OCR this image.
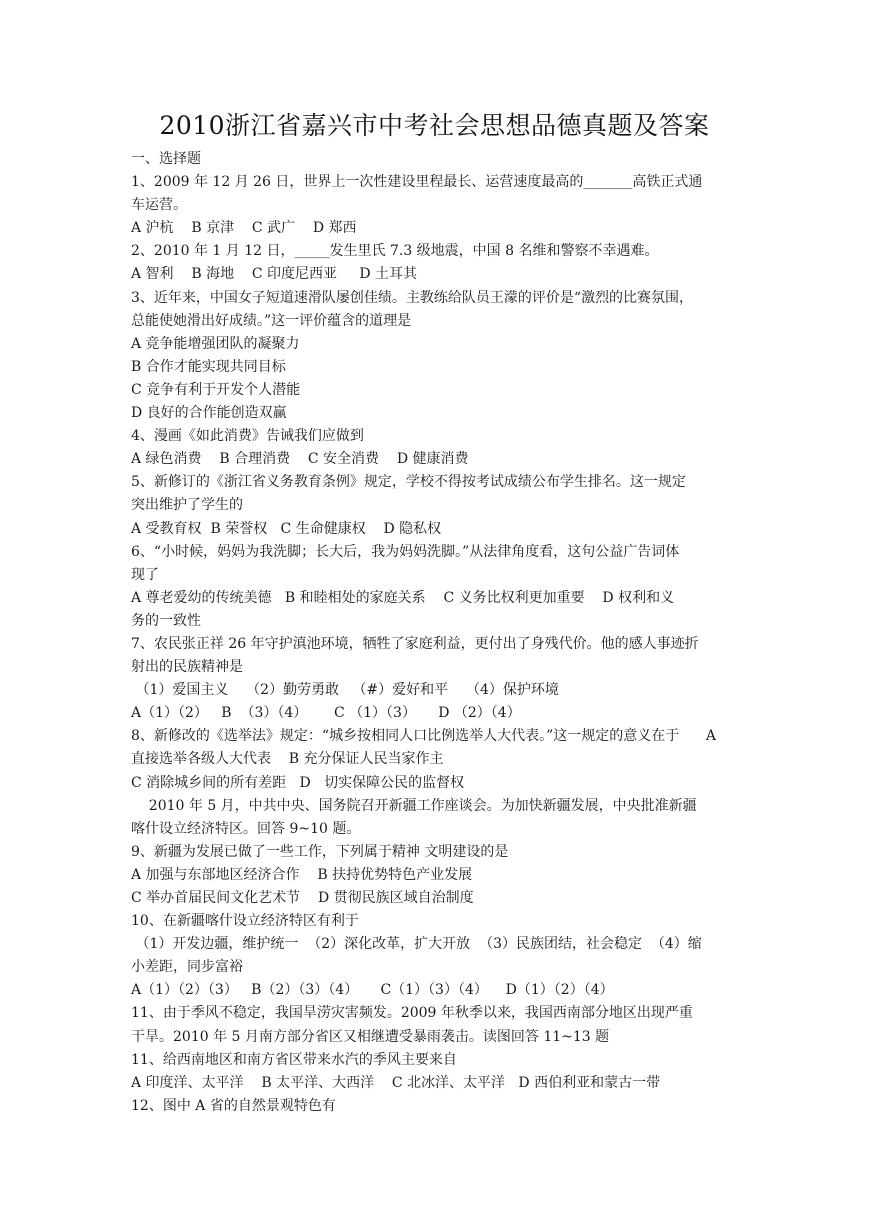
2010浙江省嘉兴市中考社会思想品德真题及答案
一、选择题
1、2009 年 12 月 26 日，世界上一次性建设里程最长、运营速度最高的_______高铁正式通
车运营。
A 沪杭    B 京津    C 武广    D 郑西
2、2010 年 1 月 12 日，_____发生里氏 7.3 级地震，中国 8 名维和警察不幸遇难。
A 智利    B 海地    C 印度尼西亚     D 土耳其
3、近年来，中国女子短道速滑队屡创佳绩。主教练给队员王濛的评价是“激烈的比赛氛围，
总能使她滑出好成绩。”这一评价蕴含的道理是
A 竞争能增强团队的凝聚力
B 合作才能实现共同目标
C 竞争有利于开发个人潜能
D 良好的合作能创造双赢
4、漫画《如此消费》告诫我们应做到
A 绿色消费    B 合理消费    C 安全消费    D 健康消费
5、新修订的《浙江省义务教育条例》规定，学校不得按考试成绩公布学生排名。这一规定
突出维护了学生的
A 受教育权  B 荣誉权   C 生命健康权    D 隐私权
6、“小时候，妈妈为我洗脚；长大后，我为妈妈洗脚。”从法律角度看，这句公益广告词体
现了
A 尊老爱幼的传统美德   B 和睦相处的家庭关系    C 义务比权利更加重要    D 权利和义
务的一致性
7、农民张正祥 26 年守护滇池环境，牺牲了家庭利益，更付出了身残代价。他的感人事迹折
射出的民族精神是
（1）爱国主义    （2）勤劳勇敢   （#）爱好和平    （4）保护环境
A（1）（2）   B  （3）（4）      C （1）（3）     D （2）（4）
8、新修改的《选举法》规定：“城乡按相同人口比例选举人大代表。”这一规定的意义在于      A
直接选举各级人大代表    B 充分保证人民当家作主
C 消除城乡间的所有差距   D   切实保障公民的监督权
2010 年 5 月，中共中央、国务院召开新疆工作座谈会。为加快新疆发展，中央批准新疆
喀什设立经济特区。回答 9~10 题。
9、新疆为发展已做了一些工作，下列属于精神 文明建设的是
A 加强与东部地区经济合作    B 扶持优势特色产业发展
C 举办首届民间文化艺术节    D 贯彻民族区域自治制度
10、在新疆喀什设立经济特区有利于
（1）开发边疆，维护统一  （2）深化改革，扩大开放  （3）民族团结，社会稳定  （4）缩
小差距，同步富裕
A（1）（2）（3）   B（2）（3）（4）     C（1）（3）（4）    D（1）（2）（4）
11、由于季风不稳定，我国旱涝灾害频发。2009 年秋季以来，我国西南部分地区出现严重
干旱。2010 年 5 月南方部分省区又相继遭受暴雨袭击。读图回答 11~13 题
11、给西南地区和南方省区带来水汽的季风主要来自
A 印度洋、太平洋    B 太平洋、大西洋    C 北冰洋、太平洋   D 西伯利亚和蒙古一带
12、图中 A 省的自然景观特色有
